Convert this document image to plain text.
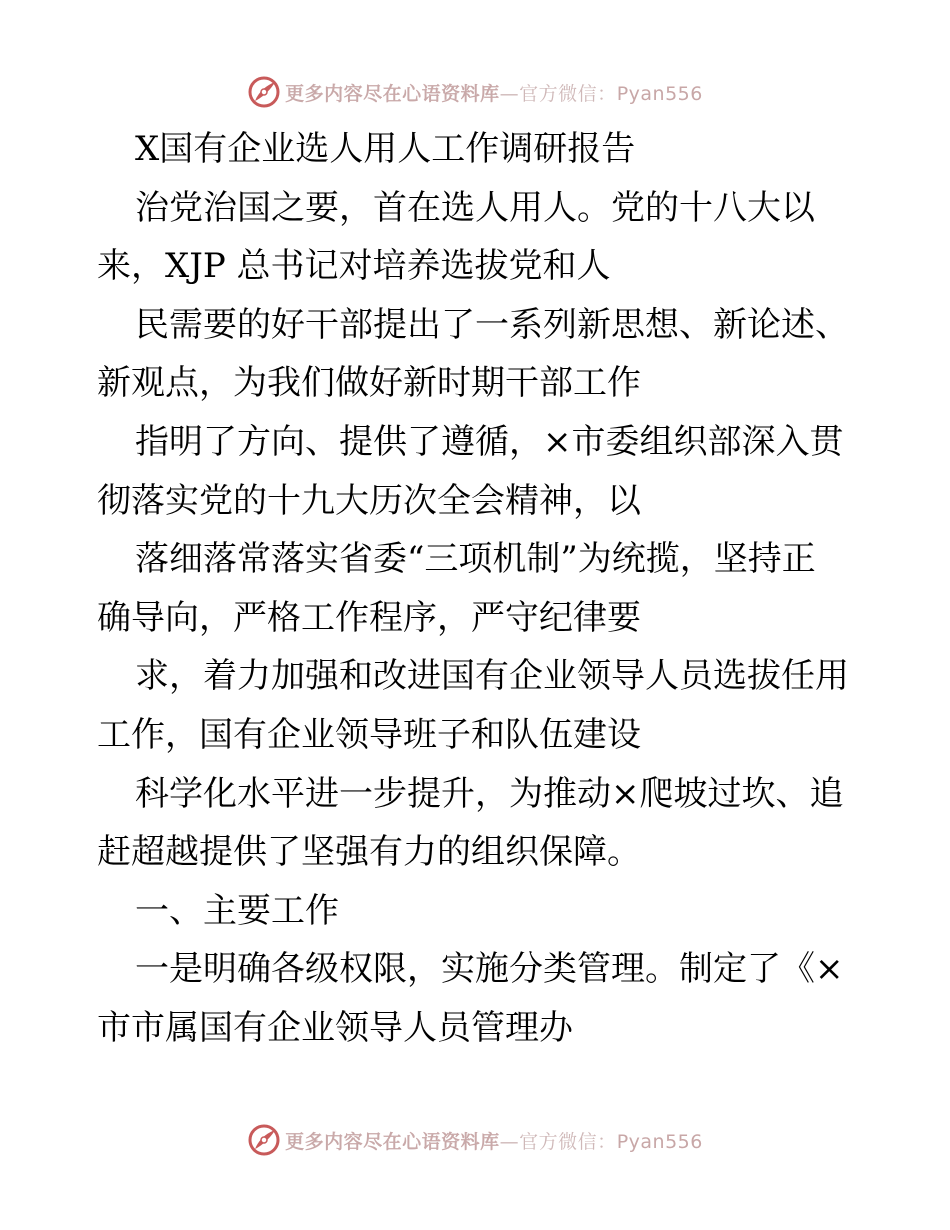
更多内容尽在心语资料库—官方微信：Pyan556
X国有企业选人用人工作调研报告
治党治国之要，首在选人用人。党的十八大以
来，XJP 总书记对培养选拔党和人
民需要的好干部提出了一系列新思想、新论述、
新观点，为我们做好新时期干部工作
指明了方向、提供了遵循，×市委组织部深入贯
彻落实党的十九大历次全会精神，以
落细落常落实省委“三项机制”为统揽，坚持正
确导向，严格工作程序，严守纪律要
求，着力加强和改进国有企业领导人员选拔任用
工作，国有企业领导班子和队伍建设
科学化水平进一步提升，为推动×爬坡过坎、追
赶超越提供了坚强有力的组织保障。
一、主要工作
一是明确各级权限，实施分类管理。制定了《×
市市属国有企业领导人员管理办
更多内容尽在心语资料库—官方微信：Pyan556
